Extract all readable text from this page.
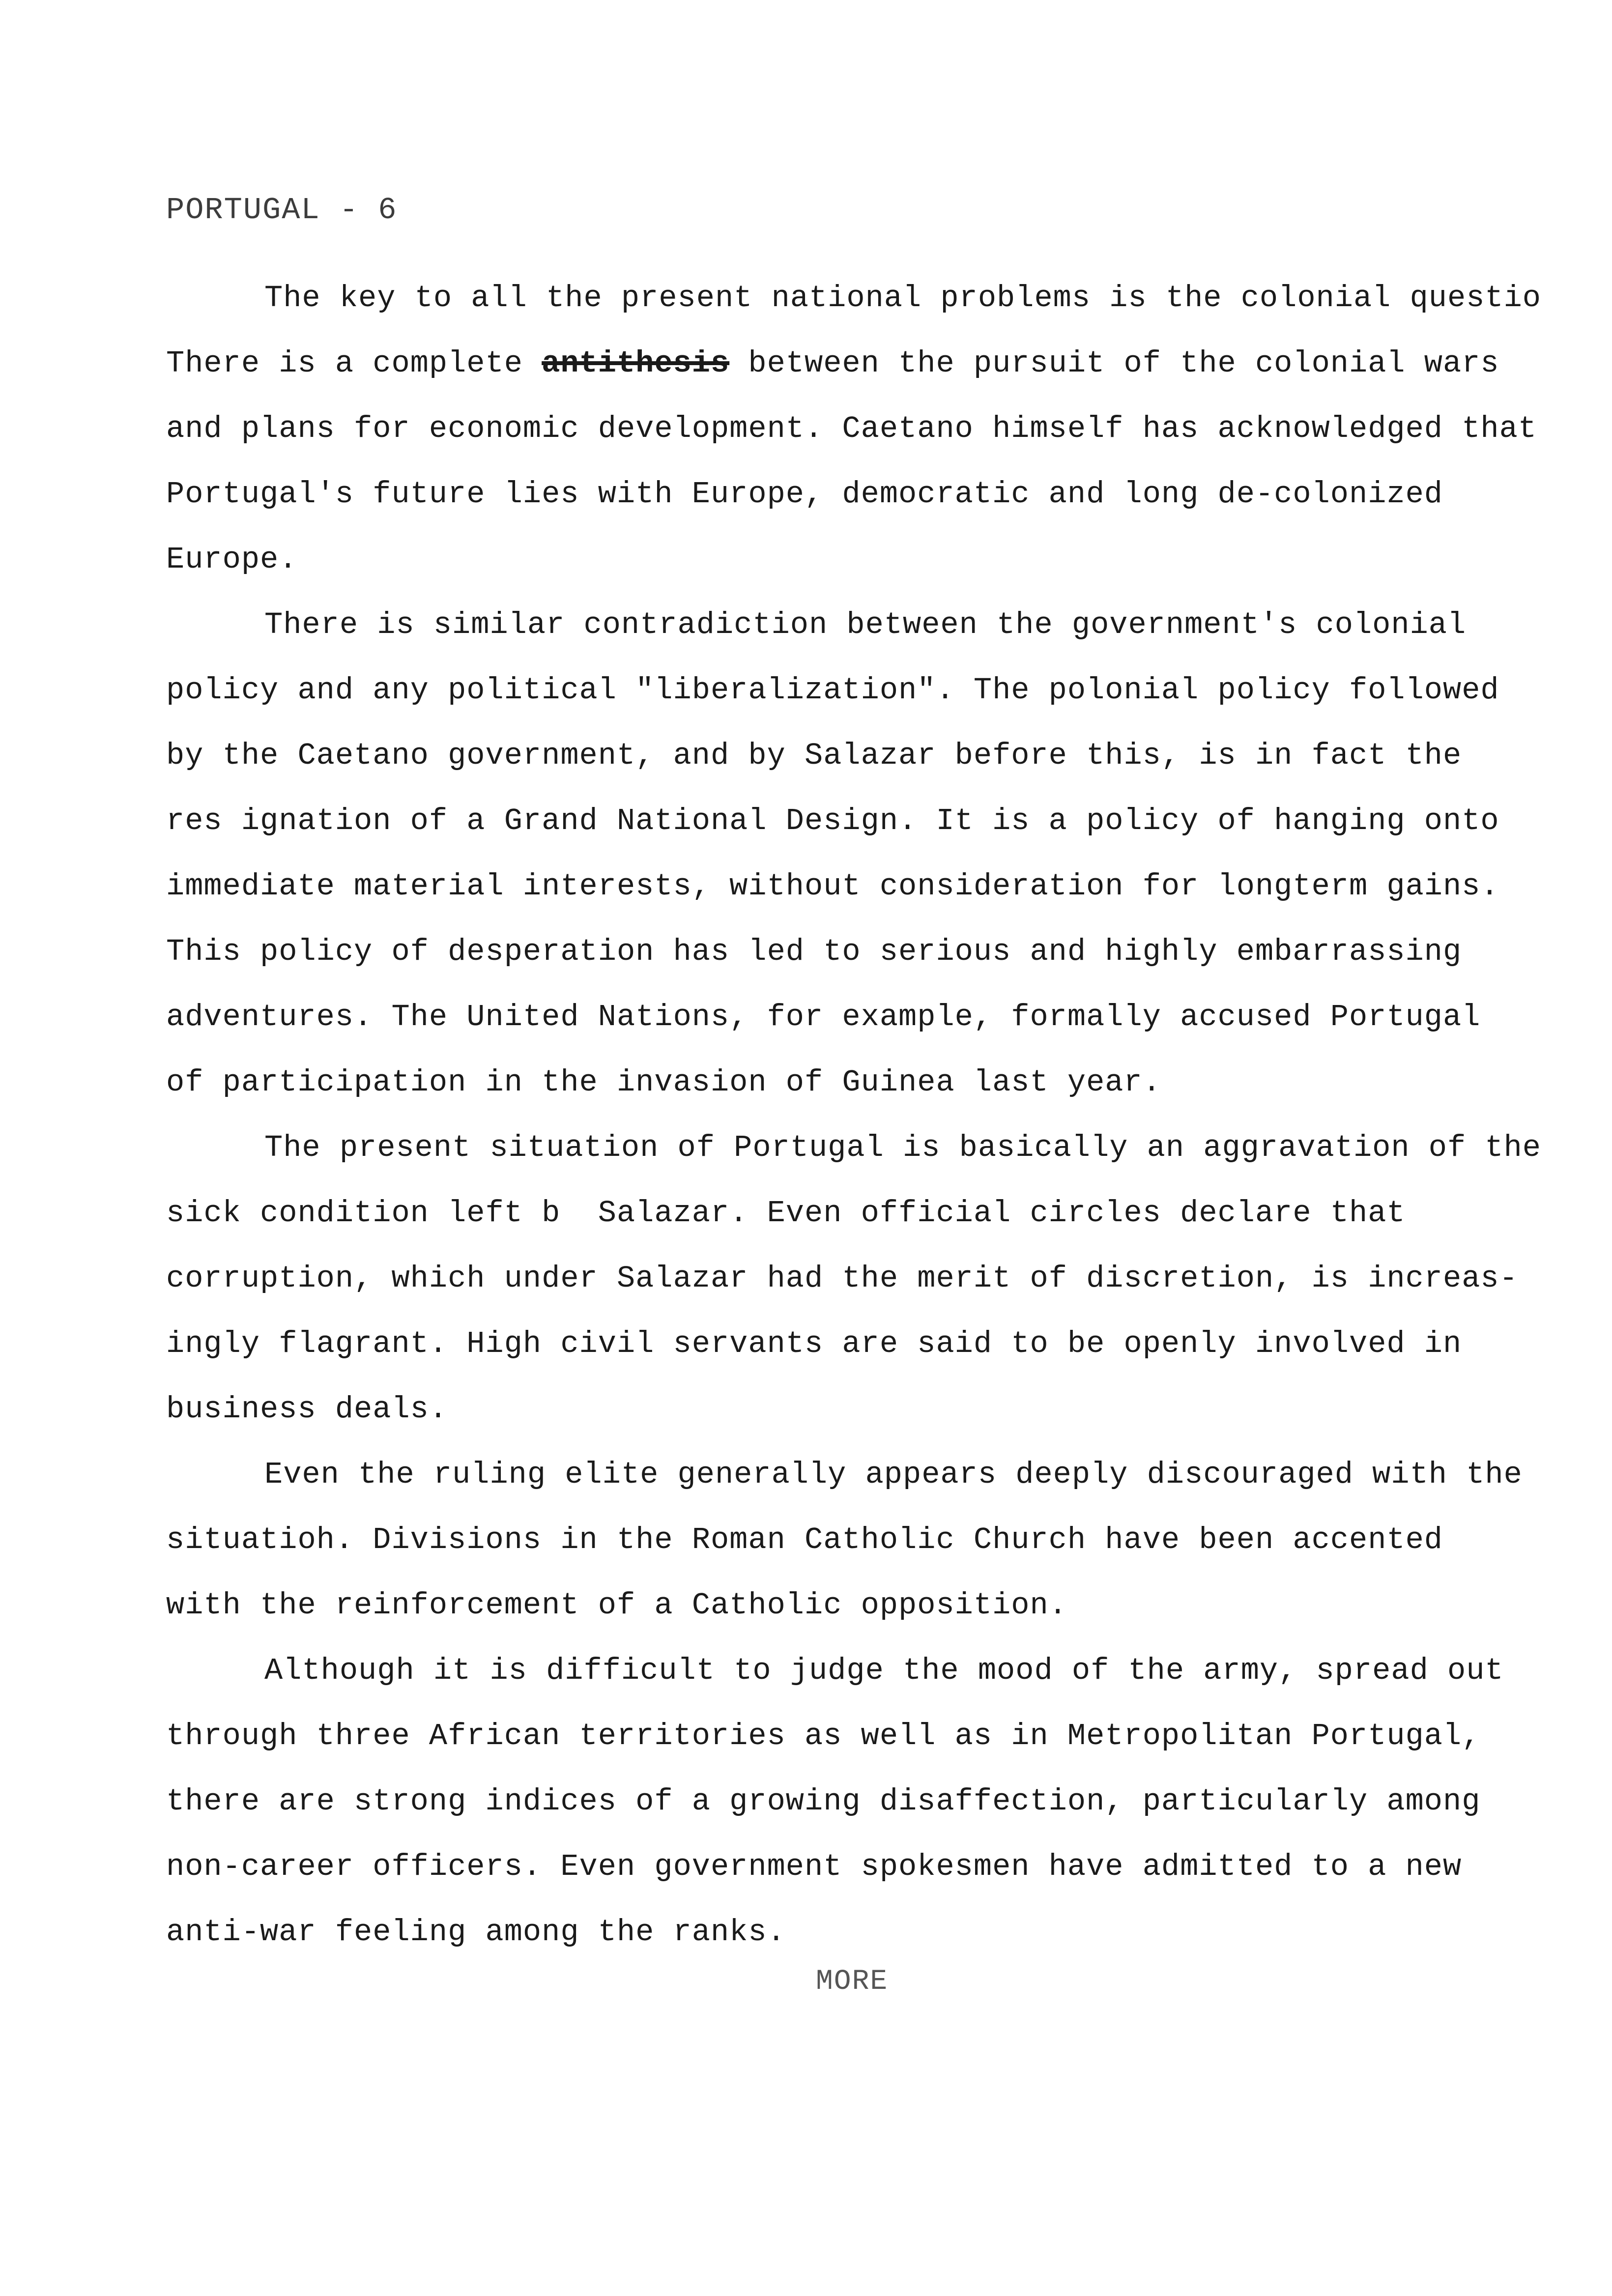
PORTUGAL - 6
The key to all the present national problems is the colonial questio
There is a complete antithesis between the pursuit of the colonial wars
and plans for economic development. Caetano himself has acknowledged that
Portugal's future lies with Europe, democratic and long de-colonized
Europe.
There is similar contradiction between the government's colonial
policy and any political "liberalization". The polonial policy followed
by the Caetano government, and by Salazar before this, is in fact the
res ignation of a Grand National Design. It is a policy of hanging onto
immediate material interests, without consideration for longterm gains.
This policy of desperation has led to serious and highly embarrassing
adventures. The United Nations, for example, formally accused Portugal
of participation in the invasion of Guinea last year.
The present situation of Portugal is basically an aggravation of the
sick condition left b  Salazar. Even official circles declare that
corruption, which under Salazar had the merit of discretion, is increas-
ingly flagrant. High civil servants are said to be openly involved in
business deals.
Even the ruling elite generally appears deeply discouraged with the
situatioh. Divisions in the Roman Catholic Church have been accented
with the reinforcement of a Catholic opposition.
Although it is difficult to judge the mood of the army, spread out
through three African territories as well as in Metropolitan Portugal,
there are strong indices of a growing disaffection, particularly among
non-career officers. Even government spokesmen have admitted to a new
anti-war feeling among the ranks.
MORE
